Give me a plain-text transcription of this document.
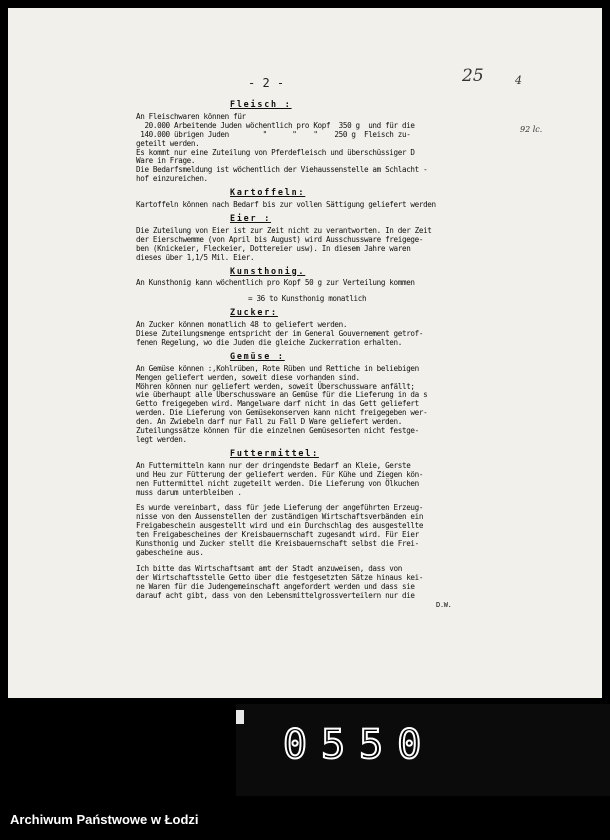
- 2 -	25	4
92 lc.

Fleisch :

An Fleischwaren können für

20.000 Arbeitende Juden wöchentlich pro Kopf  350 g  und für die

140.000 übrigen Juden        "      "    "    250 g  Fleisch zu-

geteilt werden.

Es kommt nur eine Zuteilung von Pferdefleisch und überschüssiger D

Ware in Frage.

Die Bedarfsmeldung ist wöchentlich der Viehaussenstelle am Schlacht -

hof einzureichen.

Kartoffeln:

Kartoffeln können nach Bedarf bis zur vollen Sättigung geliefert werden

Eier :

Die Zuteilung von Eier ist zur Zeit nicht zu verantworten. In der Zeit

der Eierschwemme (von April bis August) wird Ausschussware freigege-

ben (Knickeier, Fleckeier, Dottereier usw). In diesem Jahre waren

dieses über 1,1/5 Mil. Eier.

Kunsthonig.

An Kunsthonig kann wöchentlich pro Kopf 50 g zur Verteilung kommen

= 36 to Kunsthonig monatlich

Zucker:

An Zucker können monatlich 48 to geliefert werden.

Diese Zuteilungsmenge entspricht der im General Gouvernement getrof-

fenen Regelung, wo die Juden die gleiche Zuckerration erhalten.

Gemüse :

An Gemüse können :,Kohlrüben, Rote Rüben und Rettiche in beliebigen

Mengen geliefert werden, soweit diese vorhanden sind.

Möhren können nur geliefert werden, soweit Überschussware anfällt;

wie überhaupt alle Überschussware an Gemüse für die Lieferung in da s

Getto freigegeben wird. Mangelware darf nicht in das Gett geliefert

werden. Die Lieferung von Gemüsekonserven kann nicht freigegeben wer-

den. An Zwiebeln darf nur Fall zu Fall D Ware geliefert werden.

Zuteilungssätze können für die einzelnen Gemüsesorten nicht festge-

legt werden.

Futtermittel:

An Futtermitteln kann nur der dringendste Bedarf an Kleie, Gerste

und Heu zur Fütterung der geliefert werden. Für Kühe und Ziegen kön-

nen Futtermittel nicht zugeteilt werden. Die Lieferung von Ölkuchen

muss darum unterbleiben .

Es wurde vereinbart, dass für jede Lieferung der angeführten Erzeug-

nisse von den Aussenstellen der zuständigen Wirtschaftsverbänden ein

Freigabeschein ausgestellt wird und ein Durchschlag des ausgestellte

ten Freigabescheines der Kreisbauernschaft zugesandt wird. Für Eier

Kunsthonig und Zucker stellt die Kreisbauernschaft selbst die Frei-

gabescheine aus.

Ich bitte das Wirtschaftsamt amt der Stadt anzuweisen, dass von

der Wirtschaftsstelle Getto über die festgesetzten Sätze hinaus kei-

ne Waren für die Judengemeinschaft angefordert werden und dass sie

darauf acht gibt, dass von den Lebensmittelgrossverteilern nur die

D.W.

0550
Archiwum Państwowe w Łodzi
